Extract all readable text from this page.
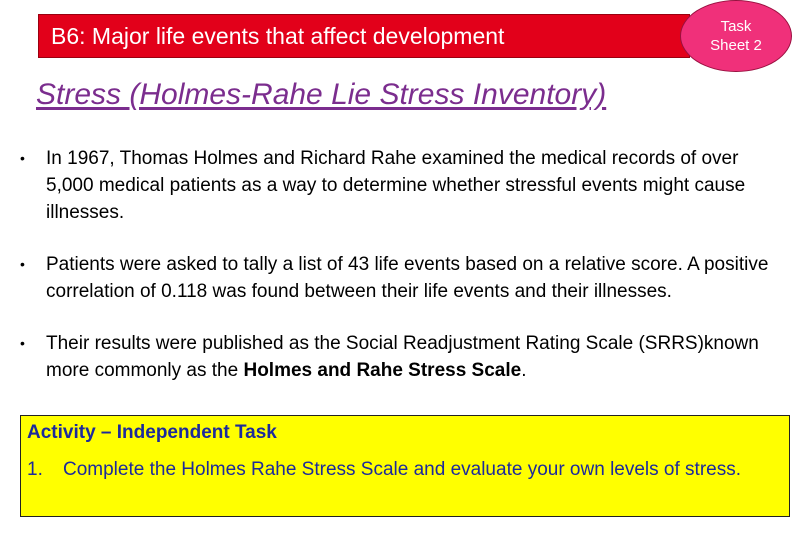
B6: Major life events that affect development	Task
Sheet 2
Stress (Holmes-Rahe Lie Stress Inventory)
• In 1967, Thomas Holmes and Richard Rahe examined the medical records of over 5,000 medical patients as a way to determine whether stressful events might cause illnesses.
• Patients were asked to tally a list of 43 life events based on a relative score. A positive correlation of 0.118 was found between their life events and their illnesses.
• Their results were published as the Social Readjustment Rating Scale (SRRS)known more commonly as the Holmes and Rahe Stress Scale.
Activity – Independent Task
1.	Complete the Holmes Rahe Stress Scale and evaluate your own levels of stress.
